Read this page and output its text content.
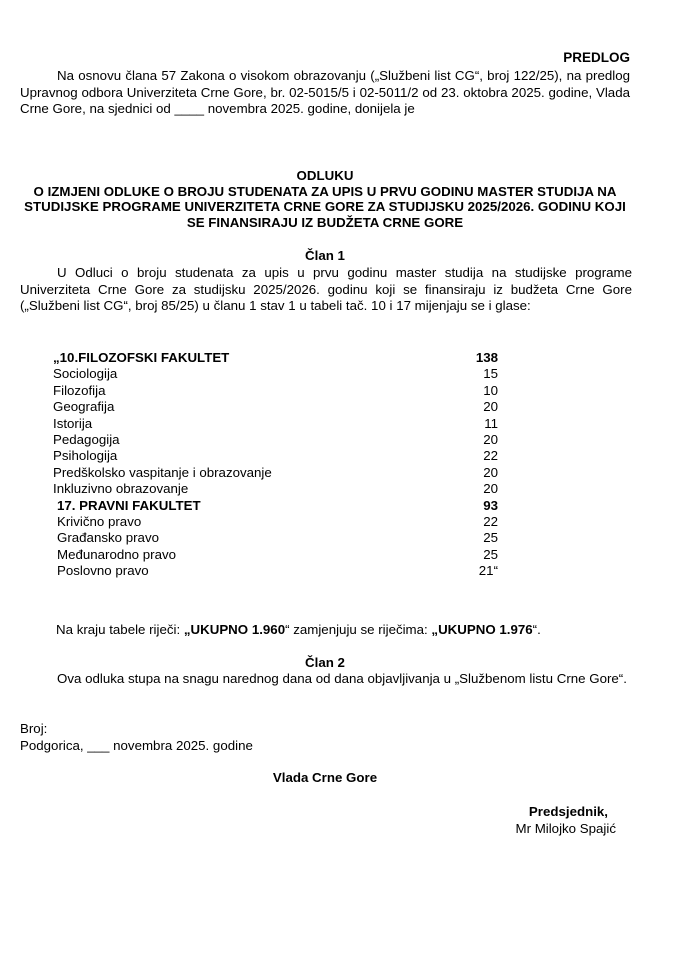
PREDLOG
Na osnovu člana 57 Zakona o visokom obrazovanju („Službeni list CG“, broj 122/25), na predlog Upravnog odbora Univerziteta Crne Gore, br. 02-5015/5 i 02-5011/2 od 23. oktobra 2025. godine, Vlada Crne Gore, na sjednici od ____ novembra 2025. godine, donijela je
ODLUKU
O IZMJENI ODLUKE O BROJU STUDENATA ZA UPIS U PRVU GODINU MASTER STUDIJA NA STUDIJSKE PROGRAME UNIVERZITETA CRNE GORE ZA STUDIJSKU 2025/2026. GODINU KOJI SE FINANSIRAJU IZ BUDŽETA CRNE GORE
Član 1
U Odluci o broju studenata za upis u prvu godinu master studija na studijske programe Univerziteta Crne Gore za studijsku 2025/2026. godinu koji se finansiraju iz budžeta Crne Gore („Službeni list CG“, broj 85/25) u članu 1 stav 1 u tabeli tač. 10 i 17 mijenjaju se i glase:
„10.FILOZOFSKI FAKULTET	138
Sociologija	15
Filozofija	10
Geografija	20
Istorija	11
Pedagogija	20
Psihologija	22
Predškolsko vaspitanje i obrazovanje	20
Inkluzivno obrazovanje	20
17. PRAVNI FAKULTET	93
Krivično pravo	22
Građansko pravo	25
Međunarodno pravo	25
Poslovno pravo	21“
Na kraju tabele riječi: „UKUPNO 1.960“ zamjenjuju se riječima: „UKUPNO 1.976“.
Član 2
Ova odluka stupa na snagu narednog dana od dana objavljivanja u „Službenom listu Crne Gore“.
Broj:
Podgorica, ___ novembra 2025. godine
Vlada Crne Gore
Predsjednik,
Mr Milojko Spajić
